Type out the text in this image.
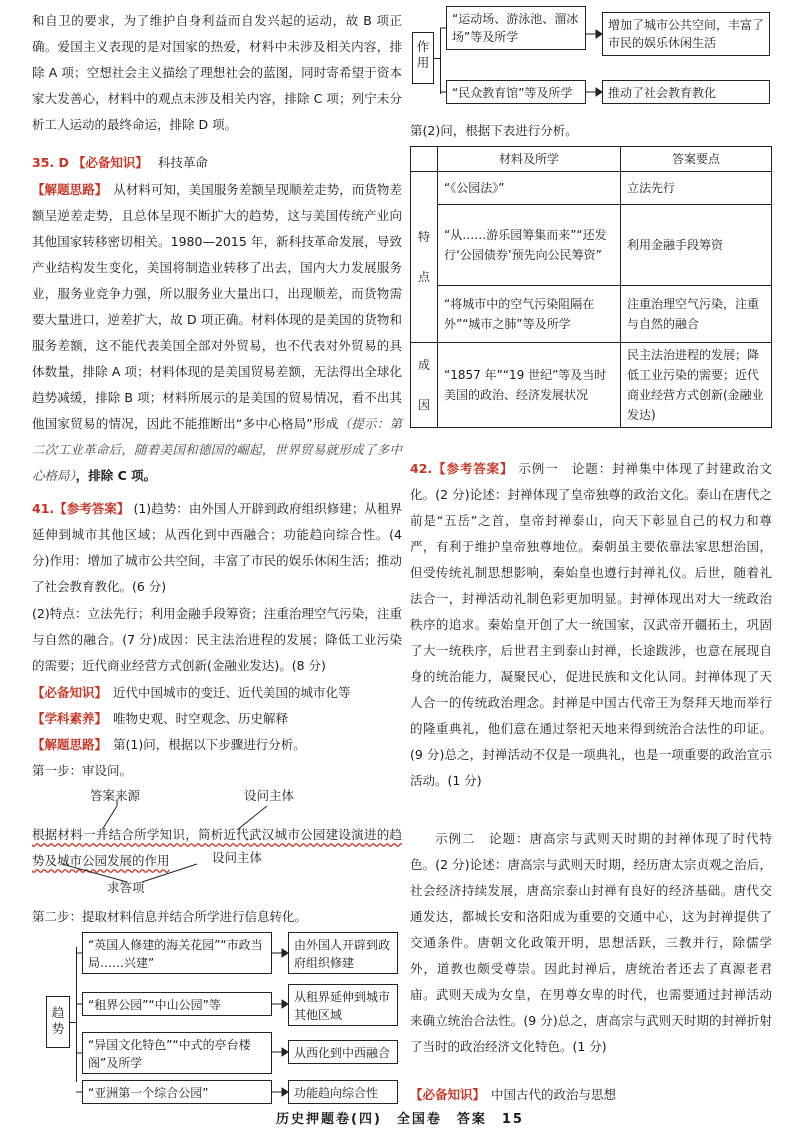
和自卫的要求，为了维护自身利益而自发兴起的运动，故 B 项正确。爱国主义表现的是对国家的热爱，材料中未涉及相关内容，排除 A 项；空想社会主义描绘了理想社会的蓝图，同时寄希望于资本家大发善心，材料中的观点未涉及相关内容，排除 C 项；列宁未分析工人运动的最终命运，排除 D 项。

35. D 【必备知识】 科技革命

【解题思路】 从材料可知，美国服务差额呈现顺差走势，而货物差额呈逆差走势，且总体呈现不断扩大的趋势，这与美国传统产业向其他国家转移密切相关。1980—2015 年，新科技革命发展，导致产业结构发生变化，美国将制造业转移了出去，国内大力发展服务业，服务业竞争力强，所以服务业大量出口，出现顺差，而货物需要大量进口，逆差扩大，故 D 项正确。材料体现的是美国的货物和服务差额，这不能代表美国全部对外贸易，也不代表对外贸易的具体数量，排除 A 项；材料体现的是美国贸易差额，无法得出全球化趋势减缓，排除 B 项；材料所展示的是美国的贸易情况，看不出其他国家贸易的情况，因此不能推断出“多中心格局”形成（提示：第二次工业革命后，随着美国和德国的崛起，世界贸易就形成了多中心格局），排除 C 项。

41.【参考答案】 (1)趋势：由外国人开辟到政府组织修建；从租界延伸到城市其他区域；从西化到中西融合；功能趋向综合性。(4 分)作用：增加了城市公共空间，丰富了市民的娱乐休闲生活；推动了社会教育教化。(6 分)

(2)特点：立法先行；利用金融手段筹资；注重治理空气污染，注重与自然的融合。(7 分)成因：民主法治进程的发展；降低工业污染的需要；近代商业经营方式创新(金融业发达)。(8 分)

【必备知识】 近代中国城市的变迁、近代美国的城市化等

【学科素养】 唯物史观、时空观念、历史解释

【解题思路】 第(1)问，根据以下步骤进行分析。

第一步：审设问。

答案来源	设问主体

根据材料一并结合所学知识，简析近代武汉城市公园建设演进的趋势及城市公园发展的作用	设问主体
求答项

第二步：提取材料信息并结合所学进行信息转化。

趋势
“英国人修建的海关花园”“市政当局……兴建”
由外国人开辟到政府组织修建
“租界公园”“中山公园”等
从租界延伸到城市其他区域
“异国文化特色”“中式的亭台楼阁”及所学
从西化到中西融合
“亚洲第一个综合公园”	功能趋向综合性
作用
“运动场、游泳池、溜冰场”等及所学
增加了城市公共空间，丰富了市民的娱乐休闲生活
“民众教育馆”等及所学	推动了社会教育教化

第(2)问，根据下表进行分析。

	材料及所学	答案要点
特点	“《公园法》”	立法先行
	“从……游乐园筹集而来”“还发行‘公园债券’预先向公民筹资”	利用金融手段筹资
	“将城市中的空气污染阻隔在外”“城市之肺”等及所学	注重治理空气污染，注重与自然的融合
成因	“1857 年”“19 世纪”等及当时美国的政治、经济发展状况	民主法治进程的发展；降低工业污染的需要；近代商业经营方式创新(金融业发达)

42.【参考答案】 示例一　论题：封禅集中体现了封建政治文化。(2 分)论述：封禅体现了皇帝独尊的政治文化。泰山在唐代之前是“五岳”之首，皇帝封禅泰山，向天下彰显自己的权力和尊严，有利于维护皇帝独尊地位。秦朝虽主要依靠法家思想治国，但受传统礼制思想影响，秦始皇也遵行封禅礼仪。后世，随着礼法合一，封禅活动礼制色彩更加明显。封禅体现出对大一统政治秩序的追求。秦始皇开创了大一统国家，汉武帝开疆拓土，巩固了大一统秩序，后世君主到泰山封禅，长途跋涉，也意在展现自身的统治能力，凝聚民心，促进民族和文化认同。封禅体现了天人合一的传统政治理念。封禅是中国古代帝王为祭拜天地而举行的隆重典礼，他们意在通过祭祀天地来得到统治合法性的印证。(9 分)总之，封禅活动不仅是一项典礼，也是一项重要的政治宣示活动。(1 分)

示例二　论题：唐高宗与武则天时期的封禅体现了时代特色。(2 分)论述：唐高宗与武则天时期，经历唐太宗贞观之治后，社会经济持续发展，唐高宗泰山封禅有良好的经济基础。唐代交通发达，都城长安和洛阳成为重要的交通中心，这为封禅提供了交通条件。唐朝文化政策开明，思想活跃，三教并行，除儒学外，道教也颇受尊崇。因此封禅后，唐统治者还去了真源老君庙。武则天成为女皇，在男尊女卑的时代，也需要通过封禅活动来确立统治合法性。(9 分)总之，唐高宗与武则天时期的封禅折射了当时的政治经济文化特色。(1 分)

【必备知识】 中国古代的政治与思想

历史押题卷(四)　全国卷　答案　15
